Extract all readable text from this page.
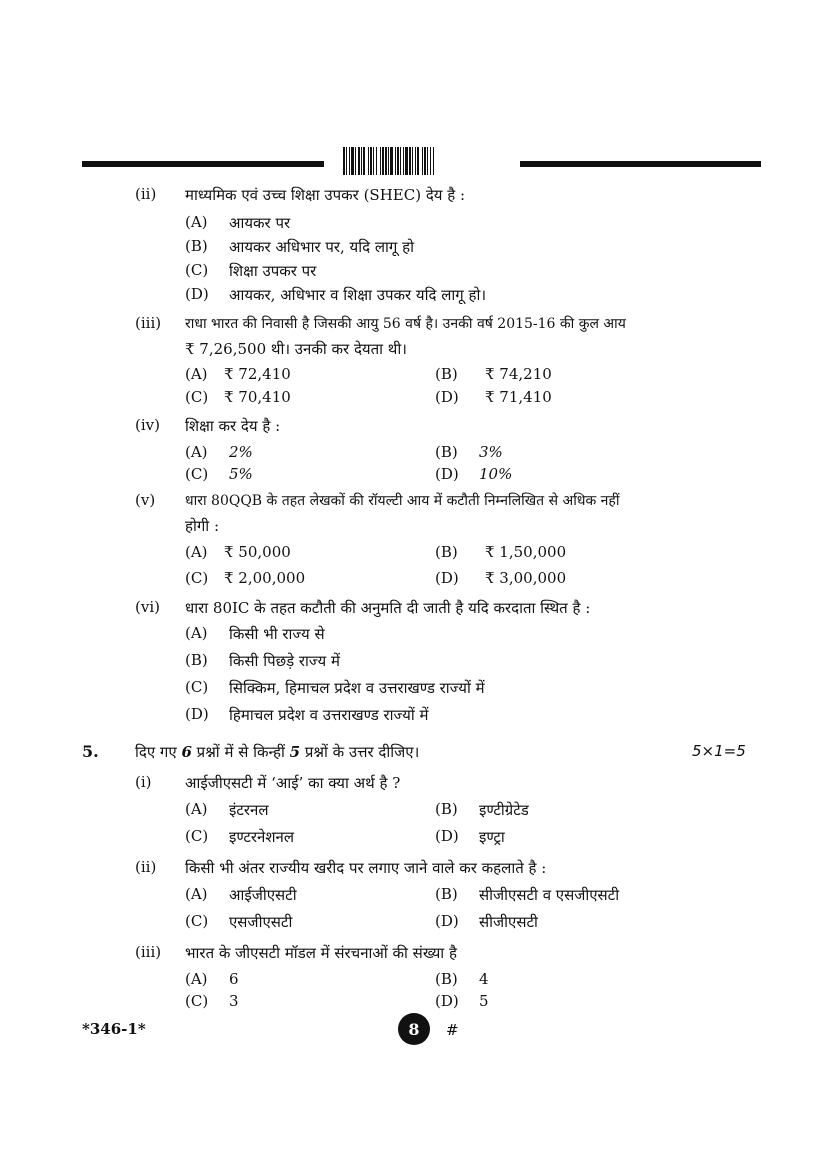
(ii) माध्यमिक एवं उच्च शिक्षा उपकर (SHEC) देय है :
(A) आयकर पर
(B) आयकर अधिभार पर, यदि लागू हो
(C) शिक्षा उपकर पर
(D) आयकर, अधिभार व शिक्षा उपकर यदि लागू हो।
(iii) राधा भारत की निवासी है जिसकी आयु 56 वर्ष है। उनकी वर्ष 2015-16 की कुल आय
₹ 7,26,500 थी। उनकी कर देयता थी।
(A) ₹ 72,410	(B) ₹ 74,210
(C) ₹ 70,410	(D) ₹ 71,410
(iv) शिक्षा कर देय है :
(A) 2%	(B) 3%
(C) 5%	(D) 10%
(v) धारा 80QQB के तहत लेखकों की रॉयल्टी आय में कटौती निम्नलिखित से अधिक नहीं
होगी :
(A) ₹ 50,000	(B) ₹ 1,50,000
(C) ₹ 2,00,000	(D) ₹ 3,00,000
(vi) धारा 80IC के तहत कटौती की अनुमति दी जाती है यदि करदाता स्थित है :
(A) किसी भी राज्य से
(B) किसी पिछड़े राज्य में
(C) सिक्किम, हिमाचल प्रदेश व उत्तराखण्ड राज्यों में
(D) हिमाचल प्रदेश व उत्तराखण्ड राज्यों में
5. दिए गए 6 प्रश्नों में से किन्हीं 5 प्रश्नों के उत्तर दीजिए।	5×1=5
(i) आईजीएसटी में ‘आई’ का क्या अर्थ है ?
(A) इंटरनल	(B) इण्टीग्रेटेड
(C) इण्टरनेशनल	(D) इण्ट्रा
(ii) किसी भी अंतर राज्यीय खरीद पर लगाए जाने वाले कर कहलाते है :
(A) आईजीएसटी	(B) सीजीएसटी व एसजीएसटी
(C) एसजीएसटी	(D) सीजीएसटी
(iii) भारत के जीएसटी मॉडल में संरचनाओं की संख्या है
(A) 6	(B) 4
(C) 3	(D) 5
*346-1*	8	#
